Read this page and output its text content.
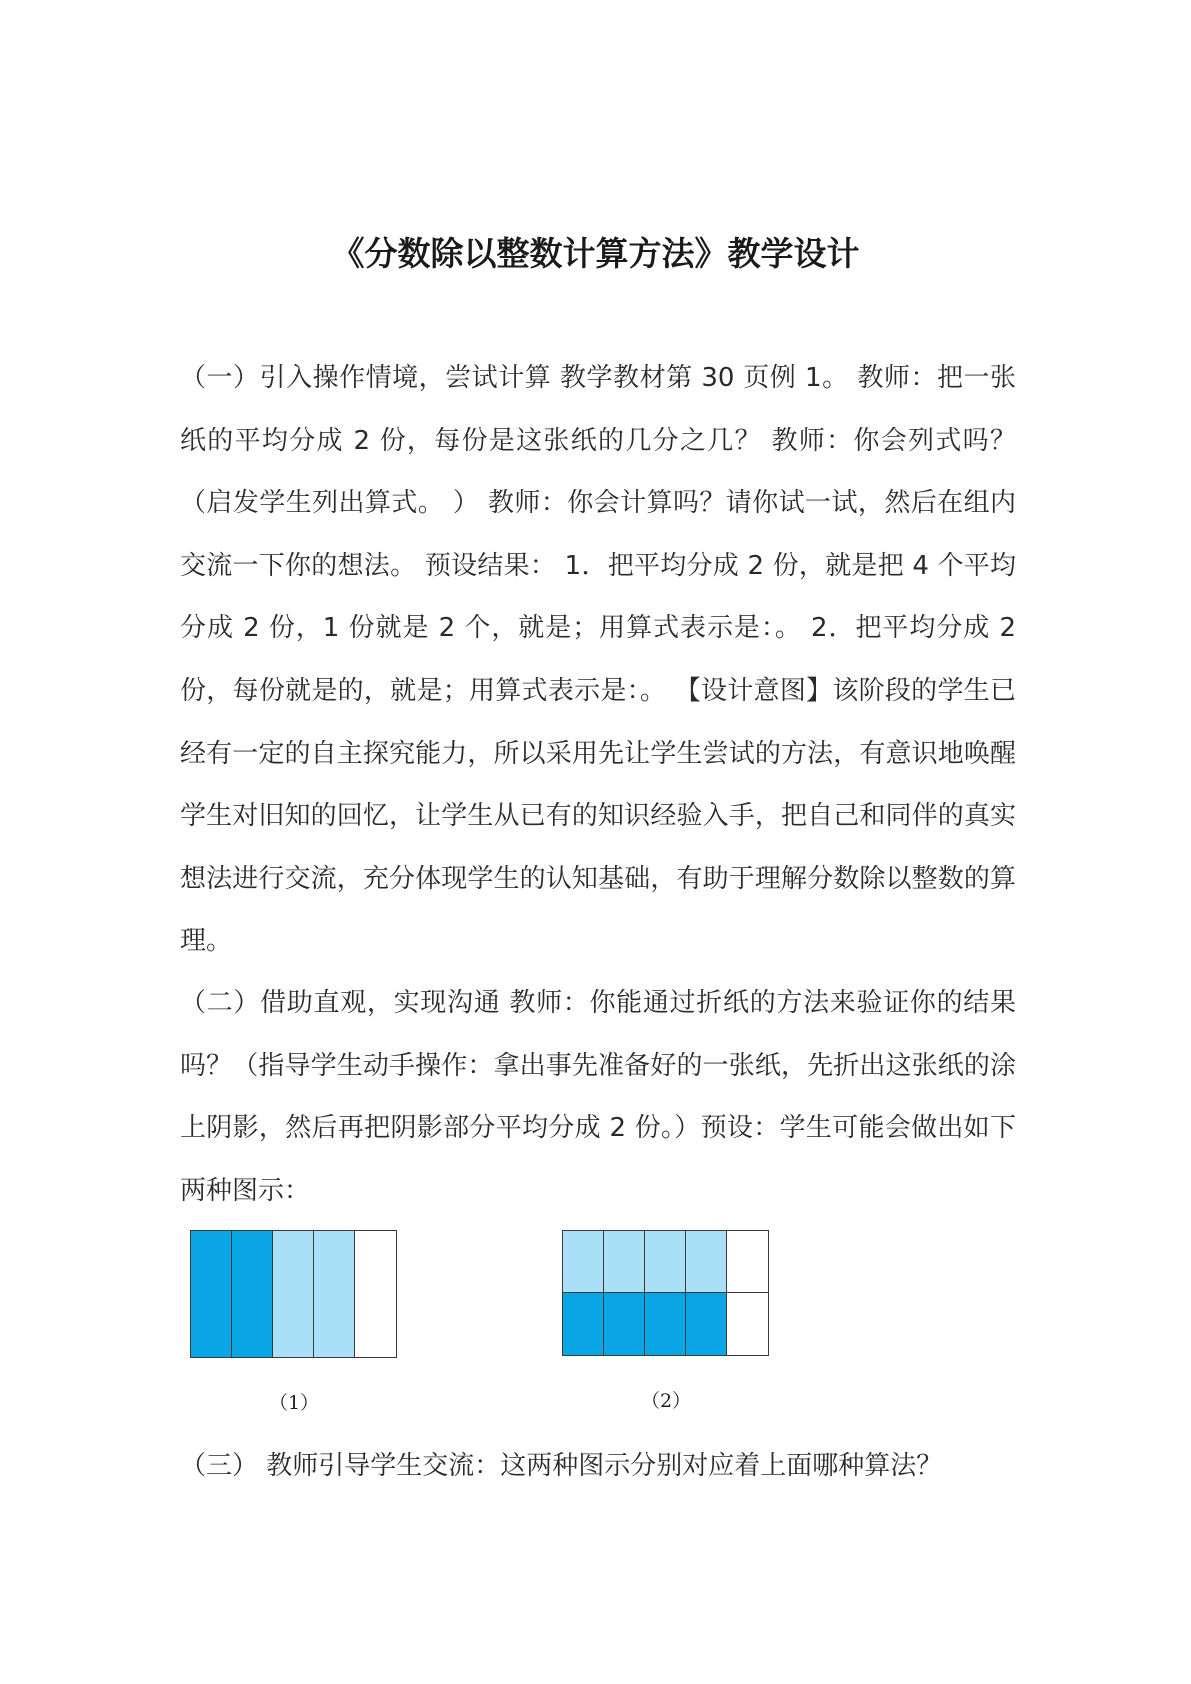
《分数除以整数计算方法》教学设计

（一）引入操作情境，尝试计算 教学教材第 30 页例 1。 教师：把一张纸的平均分成 2 份，每份是这张纸的几分之几？ 教师：你会列式吗？（启发学生列出算式。 ） 教师：你会计算吗？请你试一试，然后在组内交流一下你的想法。 预设结果： 1．把平均分成 2 份，就是把 4 个平均分成 2 份，1 份就是 2 个，就是；用算式表示是：。 2．把平均分成 2 份，每份就是的，就是；用算式表示是：。 【设计意图】该阶段的学生已经有一定的自主探究能力，所以采用先让学生尝试的方法，有意识地唤醒学生对旧知的回忆，让学生从已有的知识经验入手，把自己和同伴的真实想法进行交流，充分体现学生的认知基础，有助于理解分数除以整数的算理。

（二）借助直观，实现沟通 教师：你能通过折纸的方法来验证你的结果吗？（指导学生动手操作：拿出事先准备好的一张纸，先折出这张纸的涂上阴影，然后再把阴影部分平均分成 2 份。）预设：学生可能会做出如下两种图示：

（1）	（2）

（三） 教师引导学生交流：这两种图示分别对应着上面哪种算法？
